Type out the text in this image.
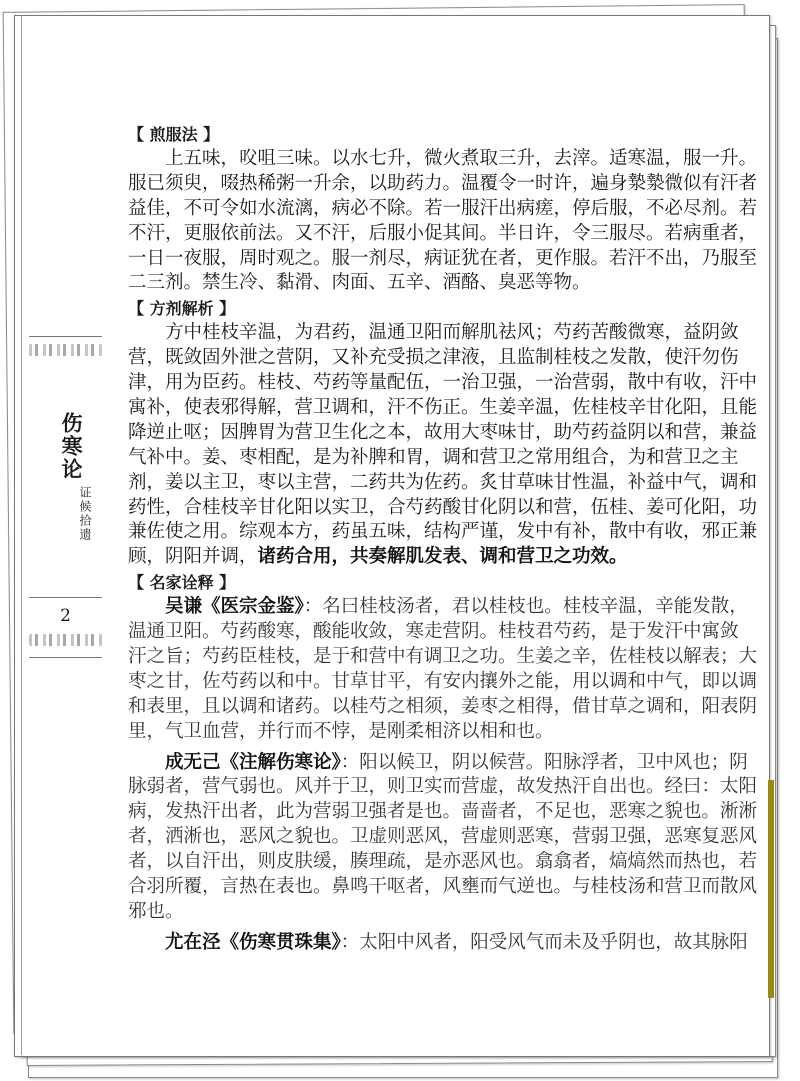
伤寒论
证候拾遗
2
【 煎服法 】
上五味，㕮咀三味。以水七升，微火煮取三升，去滓。适寒温，服一升。
服已须臾，啜热稀粥一升余，以助药力。温覆令一时许，遍身漐漐微似有汗者
益佳，不可令如水流漓，病必不除。若一服汗出病瘥，停后服，不必尽剂。若
不汗，更服依前法。又不汗，后服小促其间。半日许，令三服尽。若病重者，
一日一夜服，周时观之。服一剂尽，病证犹在者，更作服。若汗不出，乃服至
二三剂。禁生冷、黏滑、肉面、五辛、酒酪、臭恶等物。
【 方剂解析 】
方中桂枝辛温，为君药，温通卫阳而解肌祛风；芍药苦酸微寒，益阴敛
营，既敛固外泄之营阴，又补充受损之津液，且监制桂枝之发散，使汗勿伤
津，用为臣药。桂枝、芍药等量配伍，一治卫强，一治营弱，散中有收，汗中
寓补，使表邪得解，营卫调和，汗不伤正。生姜辛温，佐桂枝辛甘化阳，且能
降逆止呕；因脾胃为营卫生化之本，故用大枣味甘，助芍药益阴以和营，兼益
气补中。姜、枣相配，是为补脾和胃，调和营卫之常用组合，为和营卫之主
剂，姜以主卫，枣以主营，二药共为佐药。炙甘草味甘性温，补益中气，调和
药性，合桂枝辛甘化阳以实卫，合芍药酸甘化阴以和营，伍桂、姜可化阳，功
兼佐使之用。综观本方，药虽五味，结构严谨，发中有补，散中有收，邪正兼
顾，阴阳并调，诸药合用，共奏解肌发表、调和营卫之功效。
【 名家诠释 】
吴谦《医宗金鉴》：名曰桂枝汤者，君以桂枝也。桂枝辛温，辛能发散，
温通卫阳。芍药酸寒，酸能收敛，寒走营阴。桂枝君芍药，是于发汗中寓敛
汗之旨；芍药臣桂枝，是于和营中有调卫之功。生姜之辛，佐桂枝以解表；大
枣之甘，佐芍药以和中。甘草甘平，有安内攘外之能，用以调和中气，即以调
和表里，且以调和诸药。以桂芍之相须，姜枣之相得，借甘草之调和，阳表阴
里，气卫血营，并行而不悖，是刚柔相济以相和也。
成无己《注解伤寒论》：阳以候卫，阴以候营。阳脉浮者，卫中风也；阴
脉弱者，营气弱也。风并于卫，则卫实而营虚，故发热汗自出也。经曰：太阳
病，发热汗出者，此为营弱卫强者是也。啬啬者，不足也，恶寒之貌也。淅淅
者，洒淅也，恶风之貌也。卫虚则恶风，营虚则恶寒，营弱卫强，恶寒复恶风
者，以自汗出，则皮肤缓，腠理疏，是亦恶风也。翕翕者，熇熇然而热也，若
合羽所覆，言热在表也。鼻鸣干呕者，风壅而气逆也。与桂枝汤和营卫而散风
邪也。
尤在泾《伤寒贯珠集》：太阳中风者，阳受风气而未及乎阴也，故其脉阳
